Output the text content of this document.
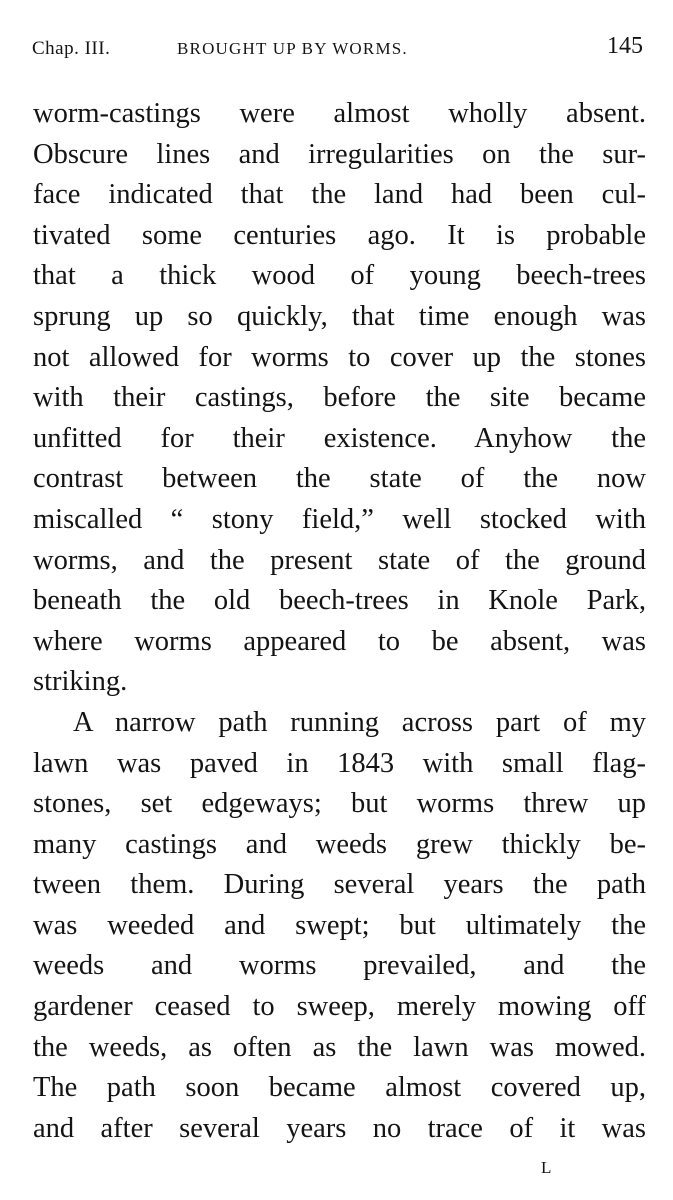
Chap. III.	BROUGHT UP BY WORMS.	145
worm-castings were almost wholly absent.
Obscure lines and irregularities on the sur-
face indicated that the land had been cul-
tivated some centuries ago. It is probable
that a thick wood of young beech-trees
sprung up so quickly, that time enough was
not allowed for worms to cover up the stones
with their castings, before the site became
unfitted for their existence. Anyhow the
contrast between the state of the now
miscalled “ stony field,” well stocked with
worms, and the present state of the ground
beneath the old beech-trees in Knole Park,
where worms appeared to be absent, was
striking.
A narrow path running across part of my
lawn was paved in 1843 with small flag-
stones, set edgeways; but worms threw up
many castings and weeds grew thickly be-
tween them. During several years the path
was weeded and swept; but ultimately the
weeds and worms prevailed, and the
gardener ceased to sweep, merely mowing off
the weeds, as often as the lawn was mowed.
The path soon became almost covered up,
and after several years no trace of it was
L
